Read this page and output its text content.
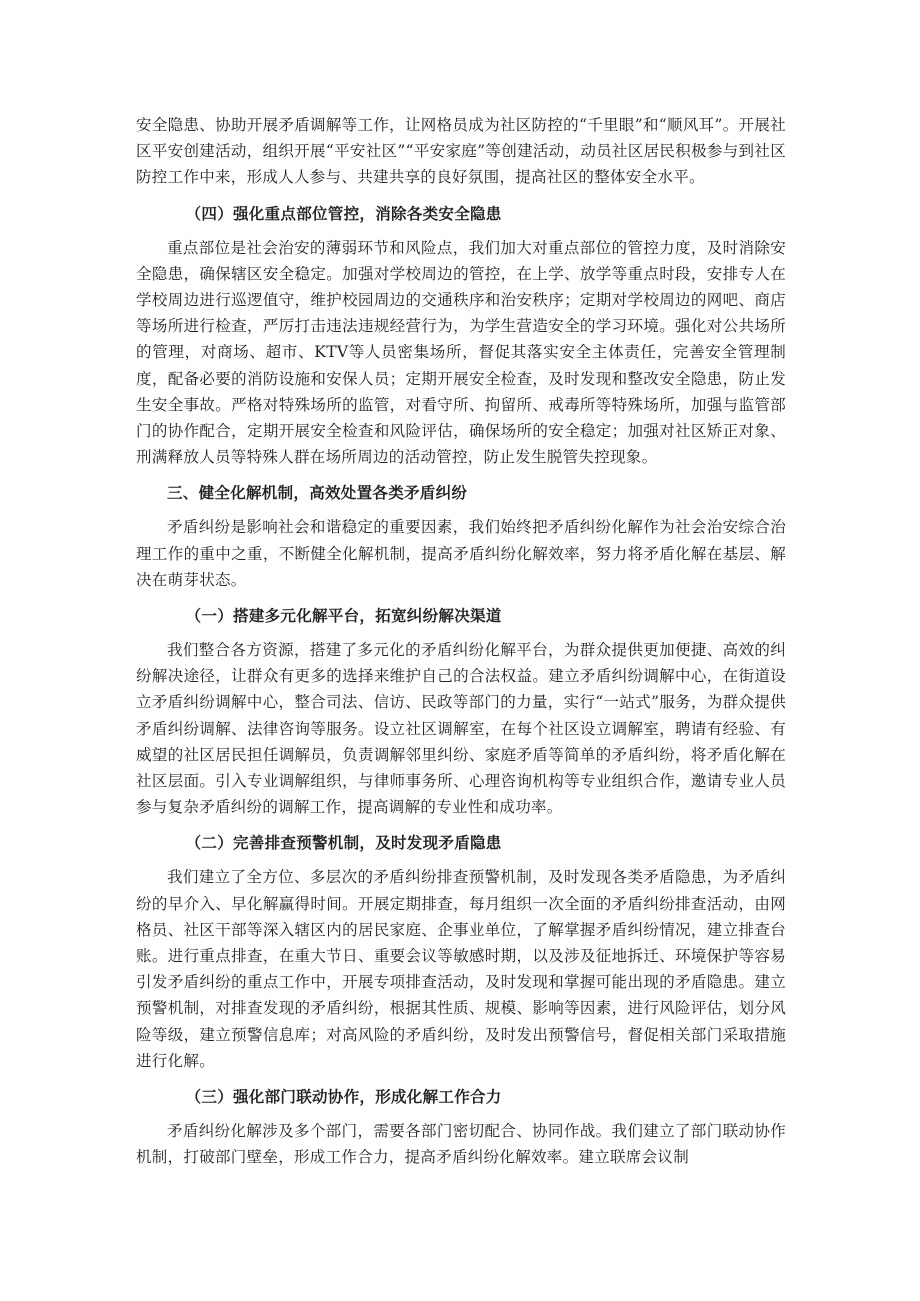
安全隐患、协助开展矛盾调解等工作，让网格员成为社区防控的“千里眼”和“顺风耳”。开展社区平安创建活动，组织开展“平安社区”“平安家庭”等创建活动，动员社区居民积极参与到社区防控工作中来，形成人人参与、共建共享的良好氛围，提高社区的整体安全水平。

（四）强化重点部位管控，消除各类安全隐患

重点部位是社会治安的薄弱环节和风险点，我们加大对重点部位的管控力度，及时消除安全隐患，确保辖区安全稳定。加强对学校周边的管控，在上学、放学等重点时段，安排专人在学校周边进行巡逻值守，维护校园周边的交通秩序和治安秩序；定期对学校周边的网吧、商店等场所进行检查，严厉打击违法违规经营行为，为学生营造安全的学习环境。强化对公共场所的管理，对商场、超市、KTV等人员密集场所，督促其落实安全主体责任，完善安全管理制度，配备必要的消防设施和安保人员；定期开展安全检查，及时发现和整改安全隐患，防止发生安全事故。严格对特殊场所的监管，对看守所、拘留所、戒毒所等特殊场所，加强与监管部门的协作配合，定期开展安全检查和风险评估，确保场所的安全稳定；加强对社区矫正对象、刑满释放人员等特殊人群在场所周边的活动管控，防止发生脱管失控现象。

三、健全化解机制，高效处置各类矛盾纠纷

矛盾纠纷是影响社会和谐稳定的重要因素，我们始终把矛盾纠纷化解作为社会治安综合治理工作的重中之重，不断健全化解机制，提高矛盾纠纷化解效率，努力将矛盾化解在基层、解决在萌芽状态。

（一）搭建多元化解平台，拓宽纠纷解决渠道

我们整合各方资源，搭建了多元化的矛盾纠纷化解平台，为群众提供更加便捷、高效的纠纷解决途径，让群众有更多的选择来维护自己的合法权益。建立矛盾纠纷调解中心，在街道设立矛盾纠纷调解中心，整合司法、信访、民政等部门的力量，实行“一站式”服务，为群众提供矛盾纠纷调解、法律咨询等服务。设立社区调解室，在每个社区设立调解室，聘请有经验、有威望的社区居民担任调解员，负责调解邻里纠纷、家庭矛盾等简单的矛盾纠纷，将矛盾化解在社区层面。引入专业调解组织，与律师事务所、心理咨询机构等专业组织合作，邀请专业人员参与复杂矛盾纠纷的调解工作，提高调解的专业性和成功率。

（二）完善排查预警机制，及时发现矛盾隐患

我们建立了全方位、多层次的矛盾纠纷排查预警机制，及时发现各类矛盾隐患，为矛盾纠纷的早介入、早化解赢得时间。开展定期排查，每月组织一次全面的矛盾纠纷排查活动，由网格员、社区干部等深入辖区内的居民家庭、企事业单位，了解掌握矛盾纠纷情况，建立排查台账。进行重点排查，在重大节日、重要会议等敏感时期，以及涉及征地拆迁、环境保护等容易引发矛盾纠纷的重点工作中，开展专项排查活动，及时发现和掌握可能出现的矛盾隐患。建立预警机制，对排查发现的矛盾纠纷，根据其性质、规模、影响等因素，进行风险评估，划分风险等级，建立预警信息库；对高风险的矛盾纠纷，及时发出预警信号，督促相关部门采取措施进行化解。

（三）强化部门联动协作，形成化解工作合力

矛盾纠纷化解涉及多个部门，需要各部门密切配合、协同作战。我们建立了部门联动协作机制，打破部门壁垒，形成工作合力，提高矛盾纠纷化解效率。建立联席会议制
